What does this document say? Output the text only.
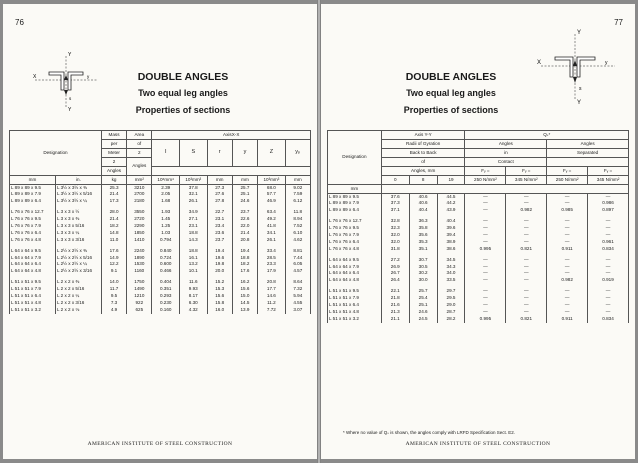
76
Y
X
Y
s
y	DOUBLE ANGLES
Two equal leg angles
Properties of sections
Designation		Mass	Area	AxisX-X					
		per	of	I	S	r	y	Z	yₚ
		Meter	2						
		2	Angles						
		Angles							
mm	in.	kg	mm²	10⁶mm⁴	10³mm³	mm	mm	10³mm³	mm
L 89 x 89 x 9.5	L 3½ x 3½ x ⅜	25.3	3210	2.39	37.8	27.3	25.7	68.0	9.02
L 89 x 89 x 7.9	L 3½ x 3½ x 5/16	21.4	2700	2.05	32.1	27.6	25.1	57.7	7.59
L 89 x 89 x 6.4	L 3½ x 3½ x ¼	17.3	2180	1.68	26.1	27.8	24.6	46.9	6.12

L 76 x 76 x 12.7	L 3 x 3 x ½	28.0	3550	1.93	34.9	22.7	23.7	63.4	11.8
L 76 x 76 x 9.5	L 3 x 3 x ⅜	21.4	2720	1.45	27.1	23.1	22.6	49.2	8.94
L 76 x 76 x 7.9	L 3 x 3 x 5/16	18.2	2290	1.25	23.1	23.4	22.0	41.8	7.52
L 76 x 76 x 6.4	L 3 x 3 x ¼	14.8	1850	1.03	18.8	23.6	21.4	34.1	6.10
L 76 x 76 x 4.8	L 3 x 3 x 3/16	11.0	1410	0.794	14.3	23.7	20.8	26.1	4.62

L 64 x 64 x 9.5	L 2½ x 2½ x ⅜	17.6	2240	0.840	18.8	19.4	19.4	33.4	8.81
L 64 x 64 x 7.9	L 2½ x 2½ x 5/16	14.9	1890	0.724	16.1	19.6	18.8	28.5	7.44
L 64 x 64 x 6.4	L 2½ x 2½ x ¼	12.2	1530	0.600	13.2	19.8	18.2	23.3	6.05
L 64 x 64 x 4.8	L 2½ x 2½ x 3/16	9.1	1160	0.466	10.1	20.0	17.6	17.9	4.57

L 51 x 51 x 9.5	L 2 x 2 x ⅜	14.0	1750	0.404	11.6	15.2	16.2	20.8	8.64
L 51 x 51 x 7.9	L 2 x 2 x 5/16	11.7	1490	0.351	9.93	15.3	15.6	17.7	7.32
L 51 x 51 x 6.4	L 2 x 2 x ¼	9.5	1210	0.293	8.17	15.6	15.0	14.6	5.94
L 51 x 51 x 4.8	L 2 x 2 x 3/16	7.3	922	0.230	6.30	15.8	14.5	11.2	4.55
L 51 x 51 x 3.2	L 2 x 2 x ⅛	4.9	625	0.160	4.32	16.0	13.9	7.72	3.07
AMERICAN INSTITUTE OF STEEL CONSTRUCTION
77
Y
X
Y
s
y
DOUBLE ANGLES
Two equal leg angles
Properties of sections
Designation	Axis Y-Y			Qₛ*			
	Radii of Gyration			Angles		Angles	
	Back to Back			in		Separated	
	of			Contact			
	Angles, mm			Fᵧ =	Fᵧ =	Fᵧ =	Fᵧ =
	0	8	19	250 N/mm²	345 N/mm²	250 N/mm²	345 N/mm²
mm							
L 89 x 89 x 9.5	37.6	40.6	44.5	—	—	—	—
L 89 x 89 x 7.9	37.3	40.6	44.2	—	—	—	0.986
L 89 x 89 x 6.4	37.1	40.4	43.9	—	0.982	0.985	0.897

L 76 x 76 x 12.7	32.8	36.3	40.4	—	—	—	—
L 76 x 76 x 9.5	32.3	35.8	39.6	—	—	—	—
L 76 x 76 x 7.9	32.0	35.6	39.4	—	—	—	—
L 76 x 76 x 6.4	32.0	35.3	38.9	—	—	—	0.961
L 76 x 76 x 4.8	31.8	35.1	38.6	0.995	0.821	0.911	0.834

L 64 x 64 x 9.5	27.2	30.7	34.5	—	—	—	—
L 64 x 64 x 7.9	26.9	30.5	34.3	—	—	—	—
L 64 x 64 x 6.4	26.7	30.2	34.0	—	—	—	—
L 64 x 64 x 4.8	26.4	30.0	33.5	—	—	0.982	0.919

L 51 x 51 x 9.5	22.1	25.7	29.7	—	—	—	—
L 51 x 51 x 7.9	21.8	25.4	29.5	—	—	—	—
L 51 x 51 x 6.4	21.6	25.1	29.0	—	—	—	—
L 51 x 51 x 4.8	21.3	24.6	28.7	—	—	—	—
L 51 x 51 x 3.2	21.1	24.5	28.2	0.995	0.821	0.911	0.834
* Where no value of Qₛ is shown, the angles comply with LRFD Specification Sect. E2.
AMERICAN INSTITUTE OF STEEL CONSTRUCTION
